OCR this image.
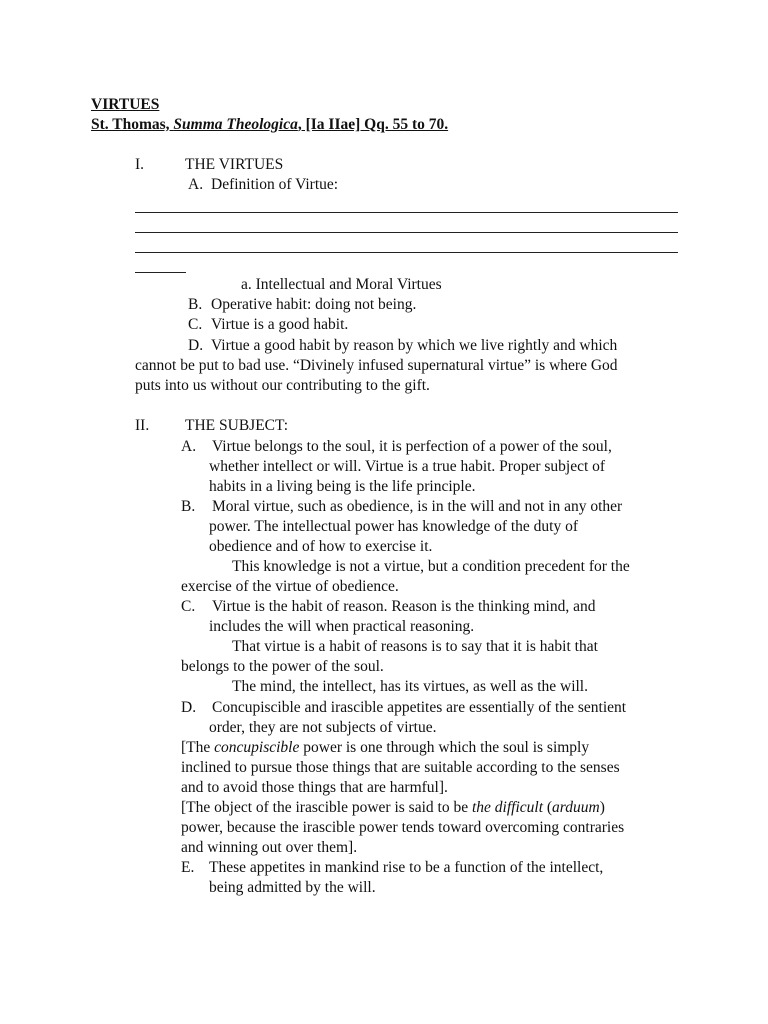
VIRTUES
St. Thomas, Summa Theologica, [Ia IIae] Qq. 55 to 70.
I.	THE VIRTUES
A. Definition of Virtue:
a. Intellectual and Moral Virtues
B. Operative habit: doing not being.
C. Virtue is a good habit.
D. Virtue a good habit by reason by which we live rightly and which
cannot be put to bad use. “Divinely infused supernatural virtue” is where God
puts into us without our contributing to the gift.
II. THE SUBJECT:
A. Virtue belongs to the soul, it is perfection of a power of the soul,
whether intellect or will. Virtue is a true habit. Proper subject of
habits in a living being is the life principle.
B. Moral virtue, such as obedience, is in the will and not in any other
power. The intellectual power has knowledge of the duty of
obedience and of how to exercise it.
This knowledge is not a virtue, but a condition precedent for the
exercise of the virtue of obedience.
C. Virtue is the habit of reason. Reason is the thinking mind, and
includes the will when practical reasoning.
That virtue is a habit of reasons is to say that it is habit that
belongs to the power of the soul.
The mind, the intellect, has its virtues, as well as the will.
D. Concupiscible and irascible appetites are essentially of the sentient
order, they are not subjects of virtue.
[The concupiscible power is one through which the soul is simply
inclined to pursue those things that are suitable according to the senses
and to avoid those things that are harmful].
[The object of the irascible power is said to be the difficult (arduum)
power, because the irascible power tends toward overcoming contraries
and winning out over them].
E. These appetites in mankind rise to be a function of the intellect,
being admitted by the will.
